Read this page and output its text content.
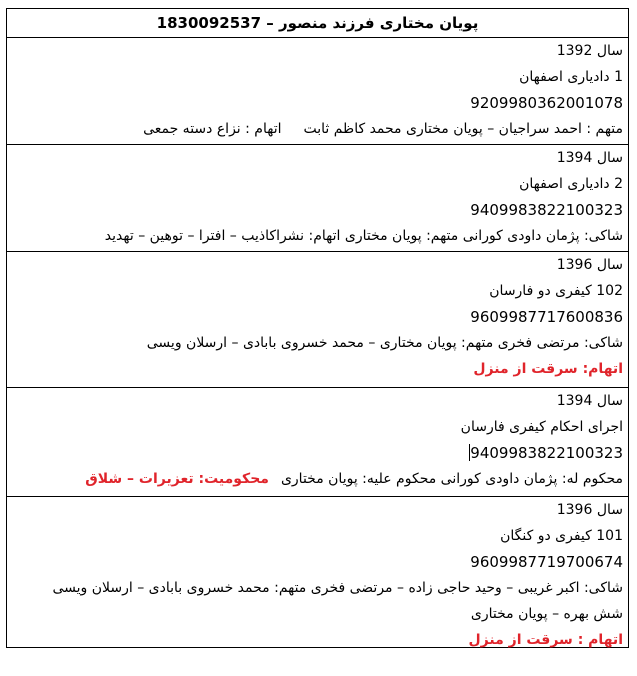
پویان مختاری فرزند منصور – 1830092537
سال 1392
1 دادیاری اصفهان
9209980362001078
متهم : احمد سراجیان – پویان مختاری محمد کاظم ثابتاتهام : نزاع دسته جمعی
سال 1394
2 دادیاری اصفهان
9409983822100323
شاکی: پژمان داودی کورانی متهم: پویان مختاری اتهام: نشراکاذیب – افترا – توهین – تهدید
سال 1396
102 کیفری دو فارسان
9609987717600836
شاکی: مرتضی فخری متهم: پویان مختاری – محمد خسروی بابادی – ارسلان ویسی
اتهام: سرقت از منزل
سال 1394
اجرای احکام کیفری فارسان
9409983822100323
محکوم له: پژمان داودی کورانی محکوم علیه: پویان مختاریمحکومیت: تعزیرات – شلاق
سال 1396
101 کیفری دو کنگان
9609987719700674
شاکی: اکبر غریبی – وحید حاجی زاده – مرتضی فخری متهم: محمد خسروی بابادی – ارسلان ویسی
شش بهره – پویان مختاری
اتهام : سرقت از منزل
